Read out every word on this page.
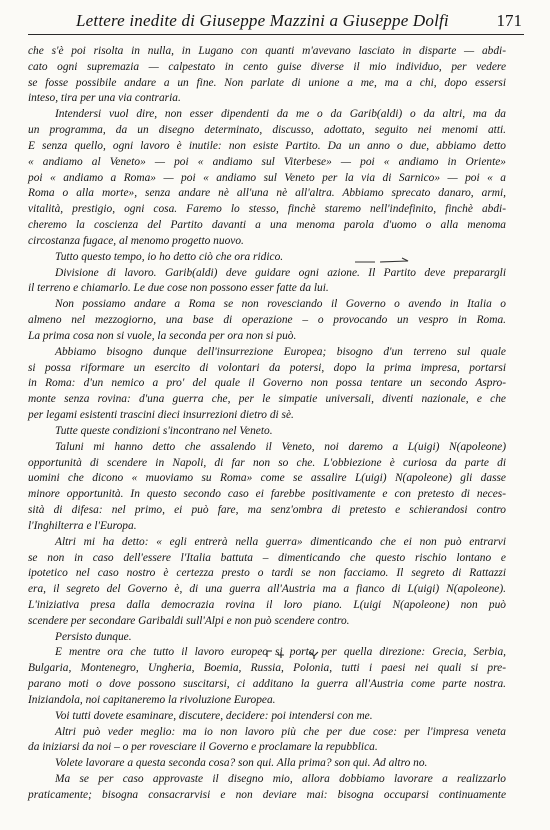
Lettere inedite di Giuseppe Mazzini a Giuseppe Dolfi	171
che s'è poi risolta in nulla, in Lugano con quanti m'avevano lasciato in disparte — abdi-
cato ogni supremazia — calpestato in cento guise diverse il mio individuo, per vedere
se fosse possibile andare a un fine. Non parlate di unione a me, ma a chi, dopo essersi
inteso, tira per una via contraria.
Intendersi vuol dire, non esser dipendenti da me o da Garib(aldi) o da altri, ma da
un programma, da un disegno determinato, discusso, adottato, seguito nei menomi atti.
E senza quello, ogni lavoro è inutile: non esiste Partito. Da un anno o due, abbiamo detto
« andiamo al Veneto» — poi « andiamo sul Viterbese» — poi « andiamo in Oriente»
poi « andiamo a Roma» — poi « andiamo sul Veneto per la via di Sarnico» — poi « a
Roma o alla morte», senza andare nè all'una nè all'altra. Abbiamo sprecato danaro, armi,
vitalità, prestigio, ogni cosa. Faremo lo stesso, finchè staremo nell'indefinito, finchè abdi-
cheremo la coscienza del Partito davanti a una menoma parola d'uomo o alla menoma
circostanza fugace, al menomo progetto nuovo.
Tutto questo tempo, io ho detto ciò che ora ridico.
Divisione di lavoro. Garib(aldi) deve guidare ogni azione. Il Partito deve preparargli
il terreno e chiamarlo. Le due cose non possono esser fatte da lui.
Non possiamo andare a Roma se non rovesciando il Governo o avendo in Italia o
almeno nel mezzogiorno, una base di operazione – o provocando un vespro in Roma.
La prima cosa non si vuole, la seconda per ora non si può.
Abbiamo bisogno dunque dell'insurrezione Europea; bisogno d'un terreno sul quale
si possa riformare un esercito di volontari da potersi, dopo la prima impresa, portarsi
in Roma: d'un nemico a pro' del quale il Governo non possa tentare un secondo Aspro-
monte senza rovina: d'una guerra che, per le simpatie universali, diventi nazionale, e che
per legami esistenti trascini dieci insurrezioni dietro di sè.
Tutte queste condizioni s'incontrano nel Veneto.
Taluni mi hanno detto che assalendo il Veneto, noi daremo a L(uigi) N(apoleone)
opportunità di scendere in Napoli, di far non so che. L'obbiezione è curiosa da parte di
uomini che dicono « muoviamo su Roma» come se assalire L(uigi) N(apoleone) gli dasse
minore opportunità. In questo secondo caso ei farebbe positivamente e con pretesto di neces-
sità di difesa: nel primo, ei può fare, ma senz'ombra di pretesto e schierandosi contro
l'Inghilterra e l'Europa.
Altri mi ha detto: « egli entrerà nella guerra» dimenticando che ei non può entrarvi
se non in caso dell'essere l'Italia battuta – dimenticando che questo rischio lontano e
ipotetico nel caso nostro è certezza presto o tardi se non facciamo. Il segreto di Rattazzi
era, il segreto del Governo è, di una guerra all'Austria ma a fianco di L(uigi) N(apoleone).
L'iniziativa presa dalla democrazia rovina il loro piano. L(uigi N(apoleone) non può
scendere per secondare Garibaldi sull'Alpi e non può scendere contro.
Persisto dunque.
E mentre ora che tutto il lavoro europeo si porta per quella direzione: Grecia, Serbia,
Bulgaria, Montenegro, Ungheria, Boemia, Russia, Polonia, tutti i paesi nei quali si pre-
parano moti o dove possono suscitarsi, ci additano la guerra all'Austria come parte nostra.
Iniziandola, noi capitaneremo la rivoluzione Europea.
Voi tutti dovete esaminare, discutere, decidere: poi intendersi con me.
Altri può veder meglio: ma io non lavoro più che per due cose: per l'impresa veneta
da iniziarsi da noi – o per rovesciare il Governo e proclamare la repubblica.
Volete lavorare a questa seconda cosa? son qui. Alla prima? son qui. Ad altro no.
Ma se per caso approvaste il disegno mio, allora dobbiamo lavorare a realizzarlo
praticamente; bisogna consacrarvisi e non deviare mai: bisogna occuparsi continuamente
